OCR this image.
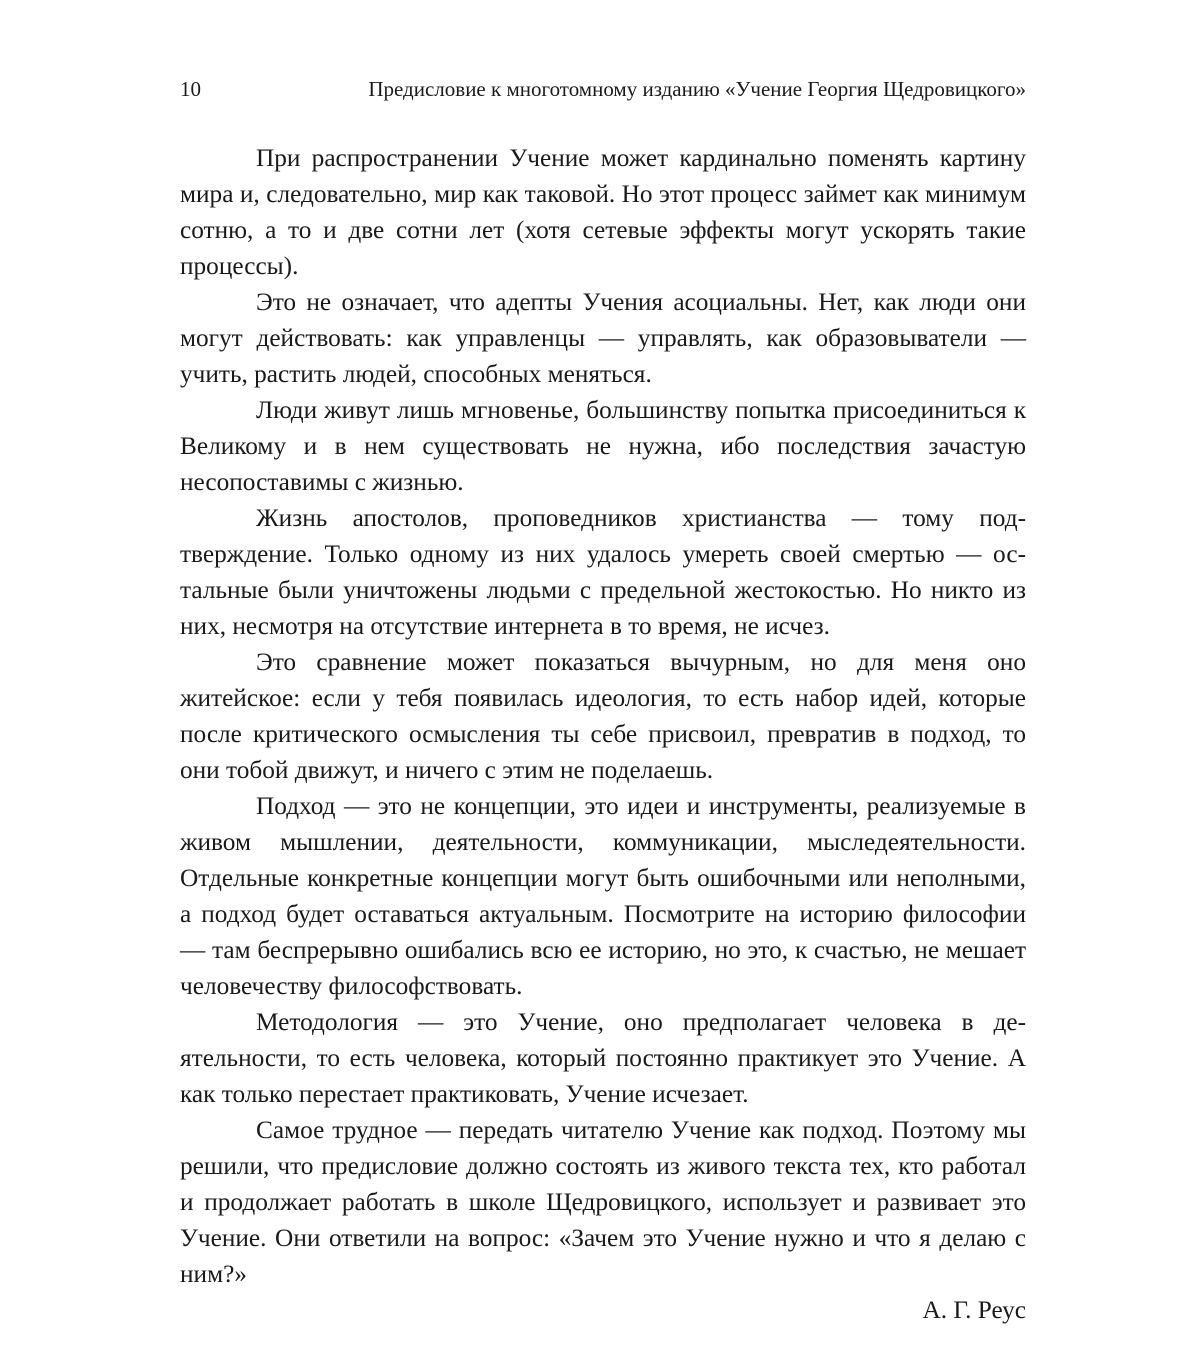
10	Предисловие к многотомному изданию «Учение Георгия Щедровицкого»

При распространении Учение может кардинально поменять картину мира и, следовательно, мир как таковой. Но этот процесс займет как минимум сотню, а то и две сотни лет (хотя сетевые эффекты могут ускорять такие процессы).

Это не означает, что адепты Учения асоциальны. Нет, как люди они могут действовать: как управленцы — управлять, как образовыватели — учить, растить людей, способных меняться.

Люди живут лишь мгновенье, большинству попытка присоединиться к Великому и в нем существовать не нужна, ибо последствия зачастую несопоставимы с жизнью.

Жизнь апостолов, проповедников христианства — тому подтверждение. Только одному из них удалось умереть своей смертью — остальные были уничтожены людьми с предельной жестокостью. Но никто из них, несмотря на отсутствие интернета в то время, не исчез.

Это сравнение может показаться вычурным, но для меня оно житейское: если у тебя появилась идеология, то есть набор идей, которые после критического осмысления ты себе присвоил, превратив в подход, то они тобой движут, и ничего с этим не поделаешь.

Подход — это не концепции, это идеи и инструменты, реализуемые в живом мышлении, деятельности, коммуникации, мыследеятельности. Отдельные конкретные концепции могут быть ошибочными или неполными, а подход будет оставаться актуальным. Посмотрите на историю философии — там беспрерывно ошибались всю ее историю, но это, к счастью, не мешает человечеству философствовать.

Методология — это Учение, оно предполагает человека в деятельности, то есть человека, который постоянно практикует это Учение. А как только перестает практиковать, Учение исчезает.

Самое трудное — передать читателю Учение как подход. Поэтому мы решили, что предисловие должно состоять из живого текста тех, кто работал и продолжает работать в школе Щедровицкого, использует и развивает это Учение. Они ответили на вопрос: «Зачем это Учение нужно и что я делаю с ним?»

А. Г. Реус
